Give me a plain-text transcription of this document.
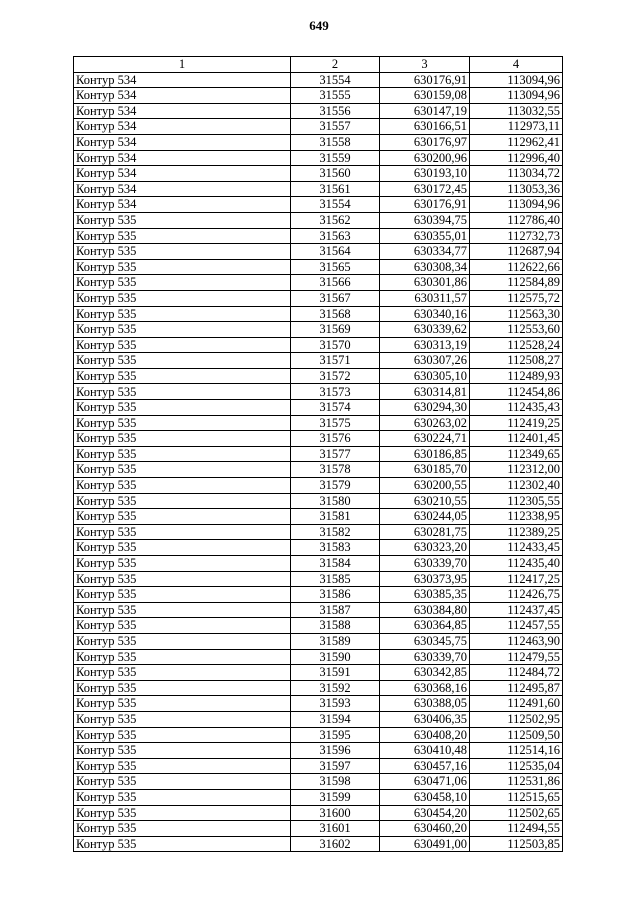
649
1	2	3	4
Контур 534	31554	630176,91	113094,96
Контур 534	31555	630159,08	113094,96
Контур 534	31556	630147,19	113032,55
Контур 534	31557	630166,51	112973,11
Контур 534	31558	630176,97	112962,41
Контур 534	31559	630200,96	112996,40
Контур 534	31560	630193,10	113034,72
Контур 534	31561	630172,45	113053,36
Контур 534	31554	630176,91	113094,96
Контур 535	31562	630394,75	112786,40
Контур 535	31563	630355,01	112732,73
Контур 535	31564	630334,77	112687,94
Контур 535	31565	630308,34	112622,66
Контур 535	31566	630301,86	112584,89
Контур 535	31567	630311,57	112575,72
Контур 535	31568	630340,16	112563,30
Контур 535	31569	630339,62	112553,60
Контур 535	31570	630313,19	112528,24
Контур 535	31571	630307,26	112508,27
Контур 535	31572	630305,10	112489,93
Контур 535	31573	630314,81	112454,86
Контур 535	31574	630294,30	112435,43
Контур 535	31575	630263,02	112419,25
Контур 535	31576	630224,71	112401,45
Контур 535	31577	630186,85	112349,65
Контур 535	31578	630185,70	112312,00
Контур 535	31579	630200,55	112302,40
Контур 535	31580	630210,55	112305,55
Контур 535	31581	630244,05	112338,95
Контур 535	31582	630281,75	112389,25
Контур 535	31583	630323,20	112433,45
Контур 535	31584	630339,70	112435,40
Контур 535	31585	630373,95	112417,25
Контур 535	31586	630385,35	112426,75
Контур 535	31587	630384,80	112437,45
Контур 535	31588	630364,85	112457,55
Контур 535	31589	630345,75	112463,90
Контур 535	31590	630339,70	112479,55
Контур 535	31591	630342,85	112484,72
Контур 535	31592	630368,16	112495,87
Контур 535	31593	630388,05	112491,60
Контур 535	31594	630406,35	112502,95
Контур 535	31595	630408,20	112509,50
Контур 535	31596	630410,48	112514,16
Контур 535	31597	630457,16	112535,04
Контур 535	31598	630471,06	112531,86
Контур 535	31599	630458,10	112515,65
Контур 535	31600	630454,20	112502,65
Контур 535	31601	630460,20	112494,55
Контур 535	31602	630491,00	112503,85
